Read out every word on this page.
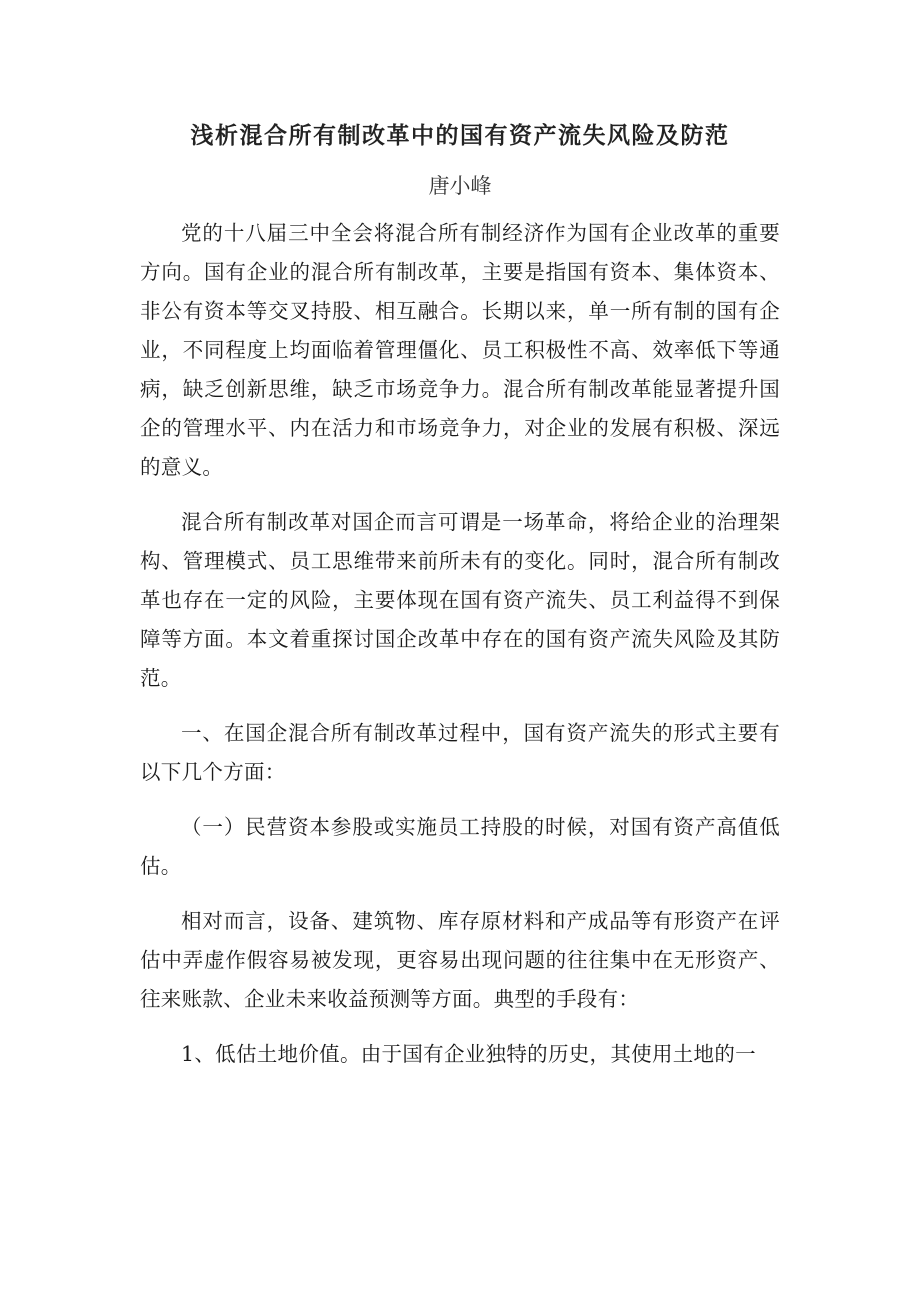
浅析混合所有制改革中的国有资产流失风险及防范
唐小峰

党的十八届三中全会将混合所有制经济作为国有企业改革的重要方向。国有企业的混合所有制改革，主要是指国有资本、集体资本、非公有资本等交叉持股、相互融合。长期以来，单一所有制的国有企业，不同程度上均面临着管理僵化、员工积极性不高、效率低下等通病，缺乏创新思维，缺乏市场竞争力。混合所有制改革能显著提升国企的管理水平、内在活力和市场竞争力，对企业的发展有积极、深远的意义。

混合所有制改革对国企而言可谓是一场革命，将给企业的治理架构、管理模式、员工思维带来前所未有的变化。同时，混合所有制改革也存在一定的风险，主要体现在国有资产流失、员工利益得不到保障等方面。本文着重探讨国企改革中存在的国有资产流失风险及其防范。

一、在国企混合所有制改革过程中，国有资产流失的形式主要有以下几个方面：

（一）民营资本参股或实施员工持股的时候，对国有资产高值低估。

相对而言，设备、建筑物、库存原材料和产成品等有形资产在评估中弄虚作假容易被发现，更容易出现问题的往往集中在无形资产、往来账款、企业未来收益预测等方面。典型的手段有：

1、低估土地价值。由于国有企业独特的历史，其使用土地的一
